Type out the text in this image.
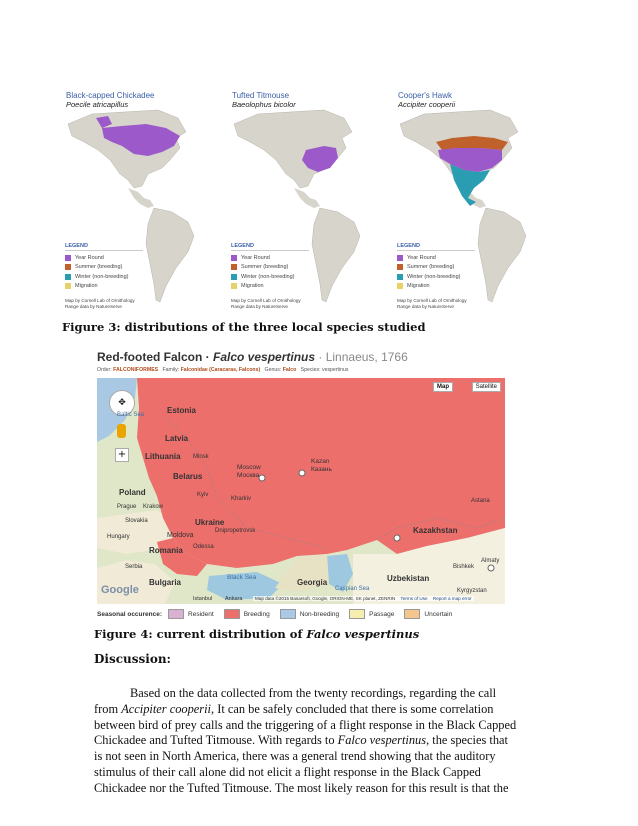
Black-capped Chickadee
Poecile atricapillus
LEGEND
Year Round
Summer (breeding)
Winter (non-breeding)
Migration
Map by Cornell Lab of Ornithology
Range data by NatureServe
Tufted Titmouse
Baeolophus bicolor
LEGEND
Year Round
Summer (breeding)
Winter (non-breeding)
Migration
Map by Cornell Lab of Ornithology
Range data by NatureServe
Cooper's Hawk
Accipiter cooperii
LEGEND
Year Round
Summer (breeding)
Winter (non-breeding)
Migration
Map by Cornell Lab of Ornithology
Range data by NatureServe
Figure 3: distributions of the three local species studied
Red-footed Falcon · Falco vespertinus · Linnaeus, 1766
Order: FALCONIFORMES Family: Falconidae (Caracaras, Falcons) Genus: Falco Species: vespertinus
✥
+
Map	Satellite
Estonia
Baltic Sea
Latvia
Lithuania
Belarus
Minsk
Moscow
Москва
Kazan
Казань
Poland	Kyiv
Kharkiv
Ukraine
Prague Krakow
Slovakia
Hungary	Moldova
Romania Odessa
Dnipropetrovsk
Serbia
Bulgaria
Black Sea
Georgia
Caspian Sea
Kazakhstan
Astana
Uzbekistan
Kyrgyzstan
Bishkek
Almaty
Istanbul Ankara
Google
Map data ©2015 Basarsoft, Google, ORION-ME, SK planet, ZENRIN Terms of Use Report a map error
Seasonal occurence:	Resident	Breeding	Non-breeding	Passage	Uncertain
Figure 4: current distribution of Falco vespertinus
Discussion:
Based on the data collected from the twenty recordings, regarding the call
from Accipiter cooperii, It can be safely concluded that there is some correlation
between bird of prey calls and the triggering of a flight response in the Black Capped
Chickadee and Tufted Titmouse. With regards to Falco vespertinus, the species that
is not seen in North America, there was a general trend showing that the auditory
stimulus of their call alone did not elicit a flight response in the Black Capped
Chickadee nor the Tufted Titmouse. The most likely reason for this result is that the
